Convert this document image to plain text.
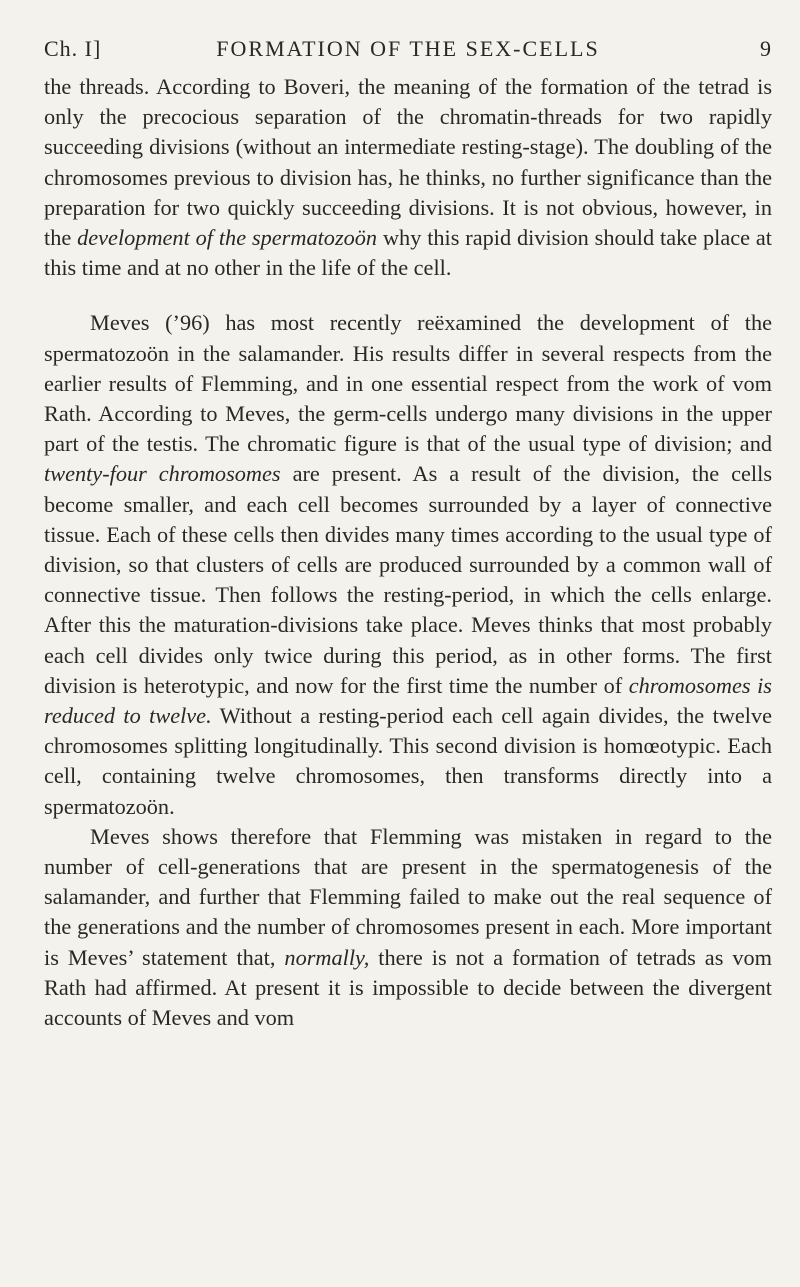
Ch. I]	FORMATION OF THE SEX-CELLS	9

the threads. According to Boveri, the meaning of the formation of the tetrad is only the precocious separation of the chromatin-threads for two rapidly succeeding divisions (without an intermediate resting-stage). The doubling of the chromosomes previous to division has, he thinks, no further significance than the preparation for two quickly succeeding divisions. It is not obvious, however, in the development of the spermatozoön why this rapid division should take place at this time and at no other in the life of the cell.

Meves (’96) has most recently reëxamined the development of the spermatozoön in the salamander. His results differ in several respects from the earlier results of Flemming, and in one essential respect from the work of vom Rath. According to Meves, the germ-cells undergo many divisions in the upper part of the testis. The chromatic figure is that of the usual type of division; and twenty-four chromosomes are present. As a result of the division, the cells become smaller, and each cell becomes surrounded by a layer of connective tissue. Each of these cells then divides many times according to the usual type of division, so that clusters of cells are produced surrounded by a common wall of connective tissue. Then follows the resting-period, in which the cells enlarge. After this the maturation-divisions take place. Meves thinks that most probably each cell divides only twice during this period, as in other forms. The first division is heterotypic, and now for the first time the number of chromosomes is reduced to twelve. Without a resting-period each cell again divides, the twelve chromosomes splitting longitudinally. This second division is homœotypic. Each cell, containing twelve chromosomes, then transforms directly into a spermatozoön.

Meves shows therefore that Flemming was mistaken in regard to the number of cell-generations that are present in the spermatogenesis of the salamander, and further that Flemming failed to make out the real sequence of the generations and the number of chromosomes present in each. More important is Meves’ statement that, normally, there is not a formation of tetrads as vom Rath had affirmed. At present it is impossible to decide between the divergent accounts of Meves and vom
